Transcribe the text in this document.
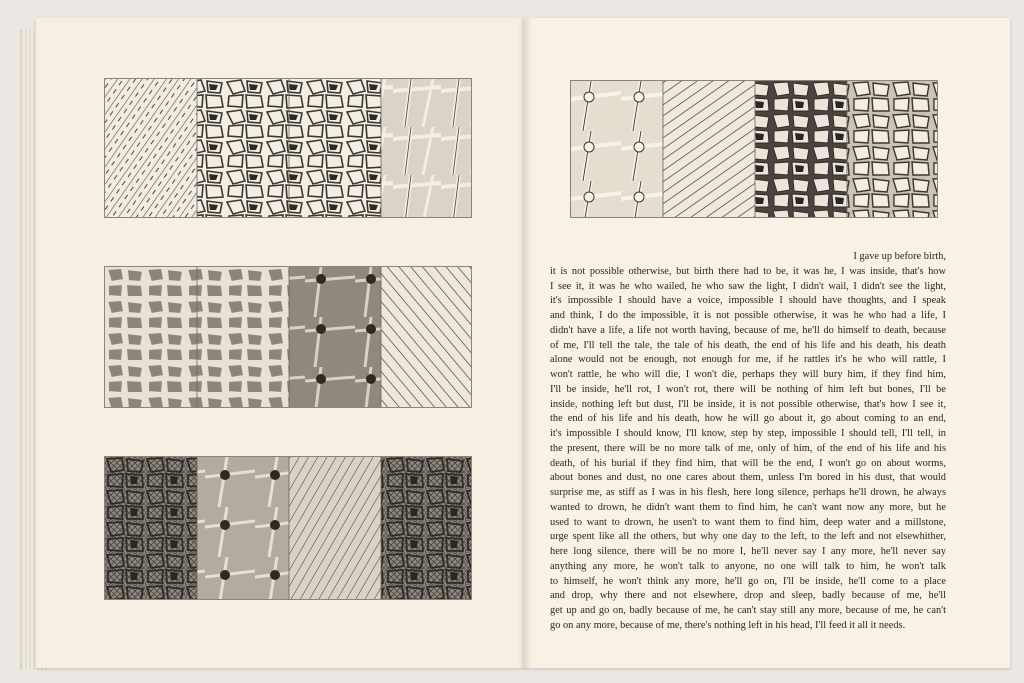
I gave up before birth,
it is not possible otherwise, but birth there had to be, it was he, I was inside, that's how
I see it, it was he who wailed, he who saw the light, I didn't wail, I didn't see the light,
it's impossible I should have a voice, impossible I should have thoughts, and I speak
and think, I do the impossible, it is not possible otherwise, it was he who had a life, I
didn't have a life, a life not worth having, because of me, he'll do himself to death, because
of me, I'll tell the tale, the tale of his death, the end of his life and his death, his death
alone would not be enough, not enough for me, if he rattles it's he who will rattle, I
won't rattle, he who will die, I won't die, perhaps they will bury him, if they find him,
I'll be inside, he'll rot, I won't rot, there will be nothing of him left but bones, I'll be
inside, nothing left but dust, I'll be inside, it is not possible otherwise, that's how I see it,
the end of his life and his death, how he will go about it, go about coming to an end,
it's impossible I should know, I'll know, step by step, impossible I should tell, I'll tell, in
the present, there will be no more talk of me, only of him, of the end of his life and his
death, of his burial if they find him, that will be the end, I won't go on about worms,
about bones and dust, no one cares about them, unless I'm bored in his dust, that would
surprise me, as stiff as I was in his flesh, here long silence, perhaps he'll drown, he always
wanted to drown, he didn't want them to find him, he can't want now any more, but he
used to want to drown, he usen't to want them to find him, deep water and a millstone,
urge spent like all the others, but why one day to the left, to the left and not elsewhither,
here long silence, there will be no more I, he'll never say I any more, he'll never say
anything any more, he won't talk to anyone, no one will talk to him, he won't talk
to himself, he won't think any more, he'll go on, I'll be inside, he'll come to a place
and drop, why there and not elsewhere, drop and sleep, badly because of me, he'll
get up and go on, badly because of me, he can't stay still any more, because of me, he can't
go on any more, because of me, there's nothing left in his head, I'll feed it all it needs.
